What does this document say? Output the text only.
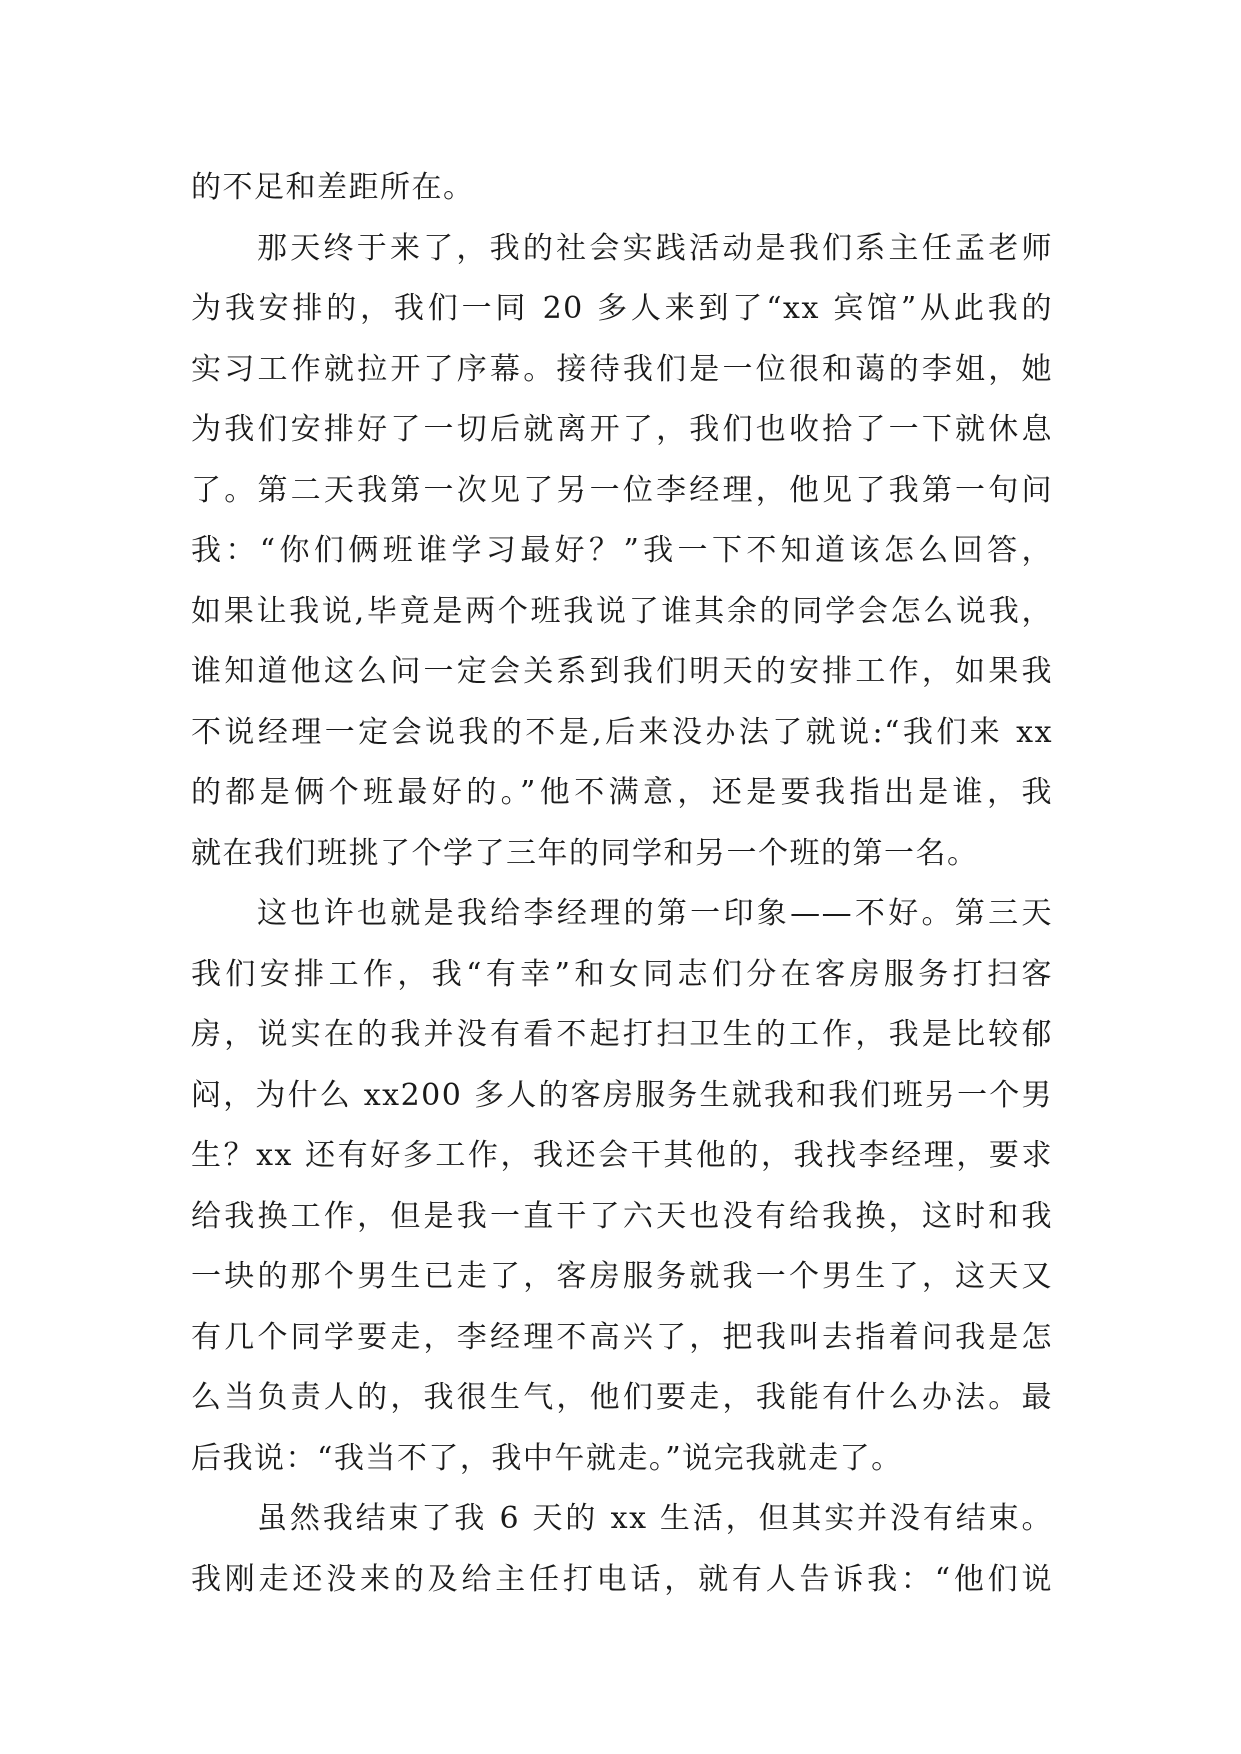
的不足和差距所在。
那天终于来了，我的社会实践活动是我们系主任孟老师
为我安排的，我们一同 20 多人来到了“xx 宾馆”从此我的
实习工作就拉开了序幕。接待我们是一位很和蔼的李姐，她
为我们安排好了一切后就离开了，我们也收拾了一下就休息
了。第二天我第一次见了另一位李经理，他见了我第一句问
我：“你们俩班谁学习最好？”我一下不知道该怎么回答，
如果让我说,毕竟是两个班我说了谁其余的同学会怎么说我，
谁知道他这么问一定会关系到我们明天的安排工作，如果我
不说经理一定会说我的不是,后来没办法了就说:“我们来 xx
的都是俩个班最好的。”他不满意，还是要我指出是谁，我
就在我们班挑了个学了三年的同学和另一个班的第一名。
这也许也就是我给李经理的第一印象——不好。第三天
我们安排工作，我“有幸”和女同志们分在客房服务打扫客
房，说实在的我并没有看不起打扫卫生的工作，我是比较郁
闷，为什么 xx200 多人的客房服务生就我和我们班另一个男
生？xx 还有好多工作，我还会干其他的，我找李经理，要求
给我换工作，但是我一直干了六天也没有给我换，这时和我
一块的那个男生已走了，客房服务就我一个男生了，这天又
有几个同学要走，李经理不高兴了，把我叫去指着问我是怎
么当负责人的，我很生气，他们要走，我能有什么办法。最
后我说：“我当不了，我中午就走。”说完我就走了。
虽然我结束了我 6 天的 xx 生活，但其实并没有结束。
我刚走还没来的及给主任打电话，就有人告诉我：“他们说
